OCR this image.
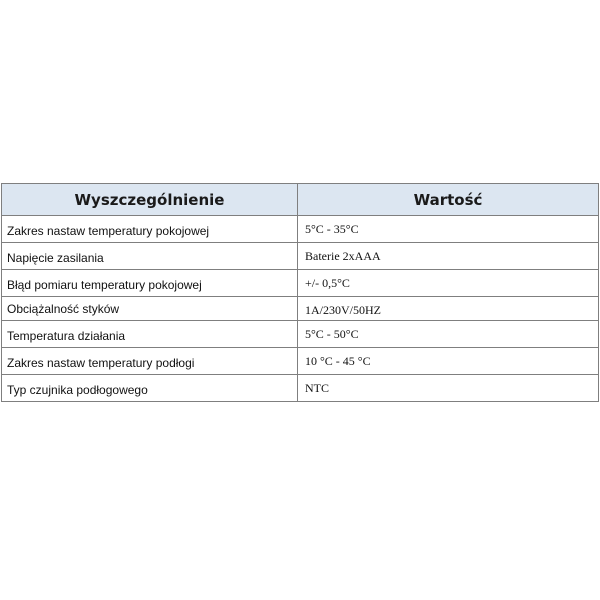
Wyszczególnienie	Wartość
Zakres nastaw temperatury pokojowej	5°C - 35°C
Napięcie zasilania	Baterie 2xAAA
Błąd pomiaru temperatury pokojowej	+/- 0,5°C
Obciążalność styków	1A/230V/50HZ
Temperatura działania	5°C - 50°C
Zakres nastaw temperatury podłogi	10 °C - 45 °C
Typ czujnika podłogowego	NTC
